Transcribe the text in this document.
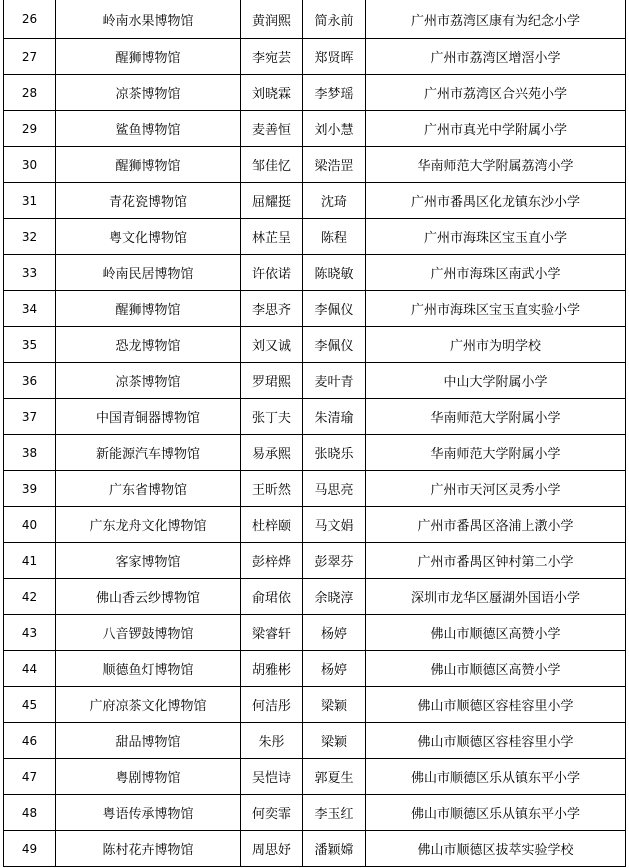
26	岭南水果博物馆	黄润熙	简永前	广州市荔湾区康有为纪念小学
27	醒狮博物馆	李宛芸	郑贤晖	广州市荔湾区增滘小学
28	凉茶博物馆	刘晓霖	李梦瑶	广州市荔湾区合兴苑小学
29	鲨鱼博物馆	麦善恒	刘小慧	广州市真光中学附属小学
30	醒狮博物馆	邹佳忆	梁浩罡	华南师范大学附属荔湾小学
31	青花瓷博物馆	屈耀挺	沈琦	广州市番禺区化龙镇东沙小学
32	粤文化博物馆	林芷呈	陈程	广州市海珠区宝玉直小学
33	岭南民居博物馆	许依诺	陈晓敏	广州市海珠区南武小学
34	醒狮博物馆	李思齐	李佩仪	广州市海珠区宝玉直实验小学
35	恐龙博物馆	刘又诚	李佩仪	广州市为明学校
36	凉茶博物馆	罗珺熙	麦叶青	中山大学附属小学
37	中国青铜器博物馆	张丁夫	朱清瑜	华南师范大学附属小学
38	新能源汽车博物馆	易承熙	张晓乐	华南师范大学附属小学
39	广东省博物馆	王昕然	马思亮	广州市天河区灵秀小学
40	广东龙舟文化博物馆	杜梓颐	马文娟	广州市番禺区洛浦上漖小学
41	客家博物馆	彭梓烨	彭翠芬	广州市番禺区钟村第二小学
42	佛山香云纱博物馆	俞珺依	余晓淳	深圳市龙华区蜃湖外国语小学
43	八音锣鼓博物馆	梁睿轩	杨婷	佛山市顺德区高赞小学
44	顺德鱼灯博物馆	胡雅彬	杨婷	佛山市顺德区高赞小学
45	广府凉茶文化博物馆	何洁彤	梁颖	佛山市顺德区容桂容里小学
46	甜品博物馆	朱彤	梁颖	佛山市顺德区容桂容里小学
47	粤剧博物馆	吴恺诗	郭夏生	佛山市顺德区乐从镇东平小学
48	粤语传承博物馆	何奕霏	李玉红	佛山市顺德区乐从镇东平小学
49	陈村花卉博物馆	周思妤	潘颖嫦	佛山市顺德区拔萃实验学校
